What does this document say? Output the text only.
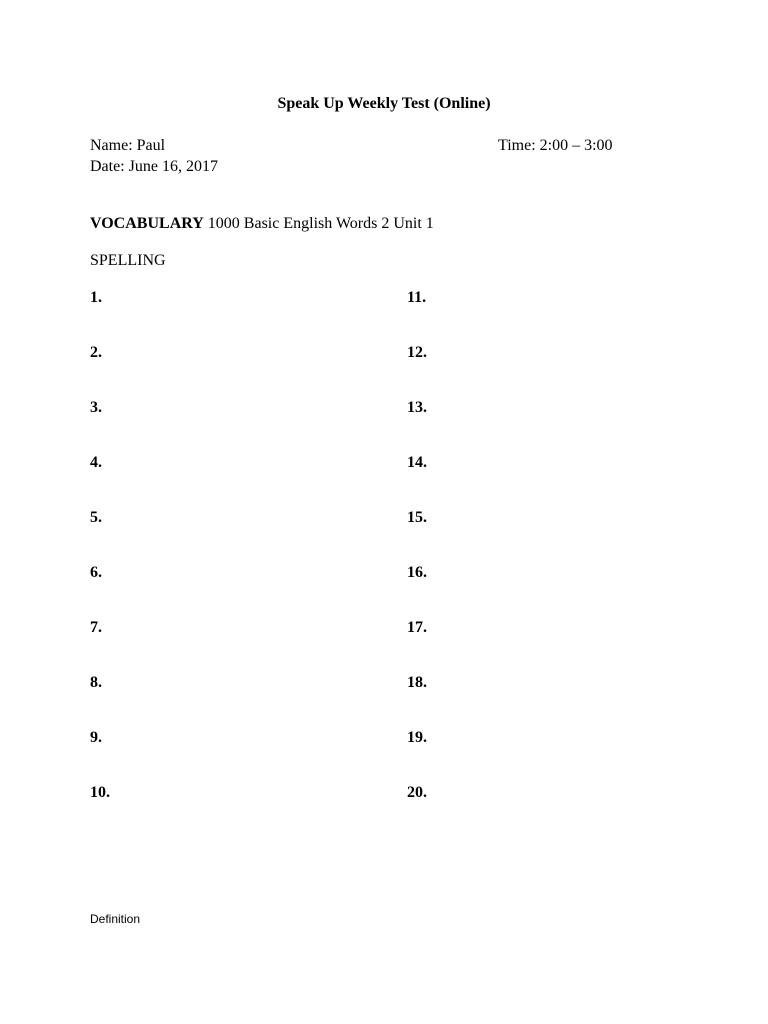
Speak Up Weekly Test (Online)
Name: Paul
Date: June 16, 2017
Time: 2:00 – 3:00
VOCABULARY 1000 Basic English Words 2 Unit 1
SPELLING
1.
2.
3.
4.
5.
6.
7.
8.
9.
10.
11.
12.
13.
14.
15.
16.
17.
18.
19.
20.
Definition
